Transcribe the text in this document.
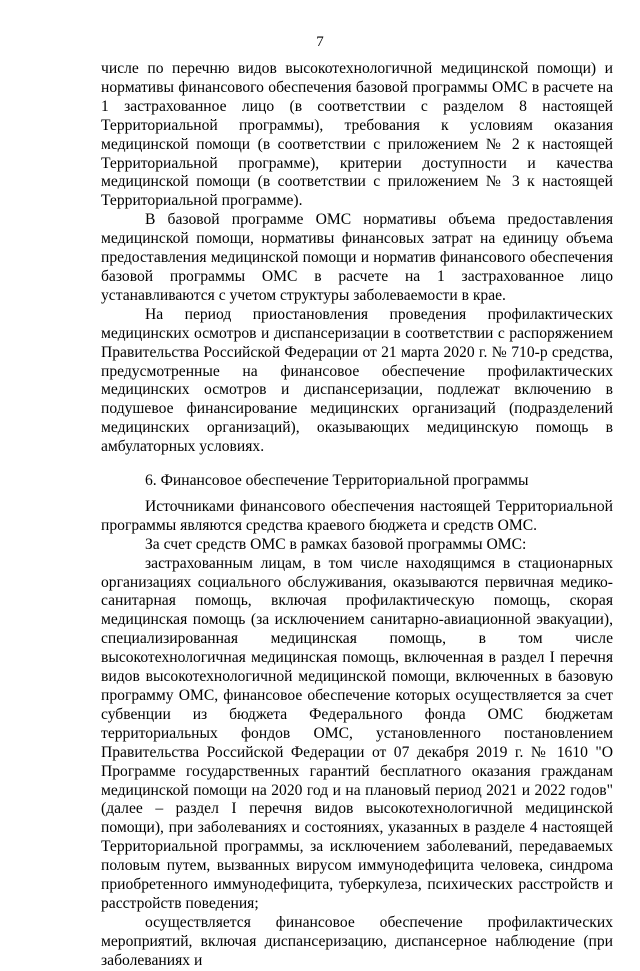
7

числе по перечню видов высокотехнологичной медицинской помощи) и нормативы финансового обеспечения базовой программы ОМС в расчете на 1 застрахованное лицо (в соответствии с разделом 8 настоящей Территориальной программы), требования к условиям оказания медицинской помощи (в соответствии с приложением № 2 к настоящей Территориальной программе), критерии доступности и качества медицинской помощи (в соответствии с приложением № 3 к настоящей Территориальной программе).

В базовой программе ОМС нормативы объема предоставления медицинской помощи, нормативы финансовых затрат на единицу объема предоставления медицинской помощи и норматив финансового обеспечения базовой программы ОМС в расчете на 1 застрахованное лицо устанавливаются с учетом структуры заболеваемости в крае.

На период приостановления проведения профилактических медицинских осмотров и диспансеризации в соответствии с распоряжением Правительства Российской Федерации от 21 марта 2020 г. № 710-р средства, предусмотренные на финансовое обеспечение профилактических медицинских осмотров и диспансеризации, подлежат включению в подушевое финансирование медицинских организаций (подразделений медицинских организаций), оказывающих медицинскую помощь в амбулаторных условиях.

6. Финансовое обеспечение Территориальной программы

Источниками финансового обеспечения настоящей Территориальной программы являются средства краевого бюджета и средств ОМС.

За счет средств ОМС в рамках базовой программы ОМС:

застрахованным лицам, в том числе находящимся в стационарных организациях социального обслуживания, оказываются первичная медико-санитарная помощь, включая профилактическую помощь, скорая медицинская помощь (за исключением санитарно-авиационной эвакуации), специализированная медицинская помощь, в том числе высокотехнологичная медицинская помощь, включенная в раздел I перечня видов высокотехнологичной медицинской помощи, включенных в базовую программу ОМС, финансовое обеспечение которых осуществляется за счет субвенции из бюджета Федерального фонда ОМС бюджетам территориальных фондов ОМС, установленного постановлением Правительства Российской Федерации от 07 декабря 2019 г. № 1610 "О Программе государственных гарантий бесплатного оказания гражданам медицинской помощи на 2020 год и на плановый период 2021 и 2022 годов" (далее – раздел I перечня видов высокотехнологичной медицинской помощи), при заболеваниях и состояниях, указанных в разделе 4 настоящей Территориальной программы, за исключением заболеваний, передаваемых половым путем, вызванных вирусом иммунодефицита человека, синдрома приобретенного иммунодефицита, туберкулеза, психических расстройств и расстройств поведения;

осуществляется финансовое обеспечение профилактических мероприятий, включая диспансеризацию, диспансерное наблюдение (при заболеваниях и
